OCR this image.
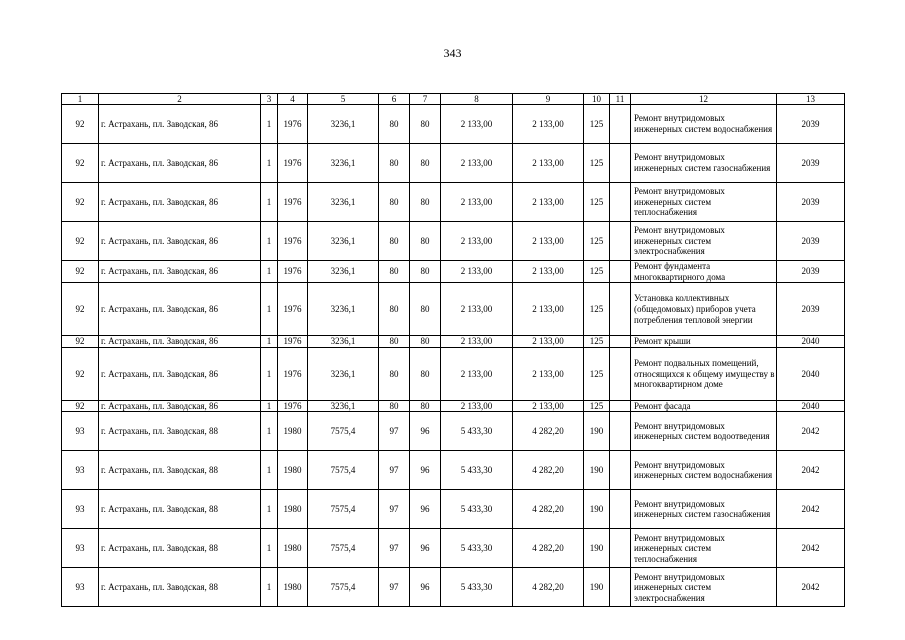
343
1	2	3	4	5	6	7	8	9	10	11	12	13
92	г. Астрахань, пл. Заводская, 86	1	1976	3236,1	80	80	2 133,00	2 133,00	125		Ремонт внутридомовых инженерных систем водоснабжения	2039
92	г. Астрахань, пл. Заводская, 86	1	1976	3236,1	80	80	2 133,00	2 133,00	125		Ремонт внутридомовых инженерных систем газоснабжения	2039
92	г. Астрахань, пл. Заводская, 86	1	1976	3236,1	80	80	2 133,00	2 133,00	125		Ремонт внутридомовых инженерных систем теплоснабжения	2039
92	г. Астрахань, пл. Заводская, 86	1	1976	3236,1	80	80	2 133,00	2 133,00	125		Ремонт внутридомовых инженерных систем электроснабжения	2039
92	г. Астрахань, пл. Заводская, 86	1	1976	3236,1	80	80	2 133,00	2 133,00	125		Ремонт фундамента многоквартирного дома	2039
92	г. Астрахань, пл. Заводская, 86	1	1976	3236,1	80	80	2 133,00	2 133,00	125		Установка коллективных (общедомовых) приборов учета потребления тепловой энергии	2039
92	г. Астрахань, пл. Заводская, 86	1	1976	3236,1	80	80	2 133,00	2 133,00	125		Ремонт крыши	2040
92	г. Астрахань, пл. Заводская, 86	1	1976	3236,1	80	80	2 133,00	2 133,00	125		Ремонт подвальных помещений, относящихся к общему имуществу в многоквартирном доме	2040
92	г. Астрахань, пл. Заводская, 86	1	1976	3236,1	80	80	2 133,00	2 133,00	125		Ремонт фасада	2040
93	г. Астрахань, пл. Заводская, 88	1	1980	7575,4	97	96	5 433,30	4 282,20	190		Ремонт внутридомовых инженерных систем водоотведения	2042
93	г. Астрахань, пл. Заводская, 88	1	1980	7575,4	97	96	5 433,30	4 282,20	190		Ремонт внутридомовых инженерных систем водоснабжения	2042
93	г. Астрахань, пл. Заводская, 88	1	1980	7575,4	97	96	5 433,30	4 282,20	190		Ремонт внутридомовых инженерных систем газоснабжения	2042
93	г. Астрахань, пл. Заводская, 88	1	1980	7575,4	97	96	5 433,30	4 282,20	190		Ремонт внутридомовых инженерных систем теплоснабжения	2042
93	г. Астрахань, пл. Заводская, 88	1	1980	7575,4	97	96	5 433,30	4 282,20	190		Ремонт внутридомовых инженерных систем электроснабжения	2042
